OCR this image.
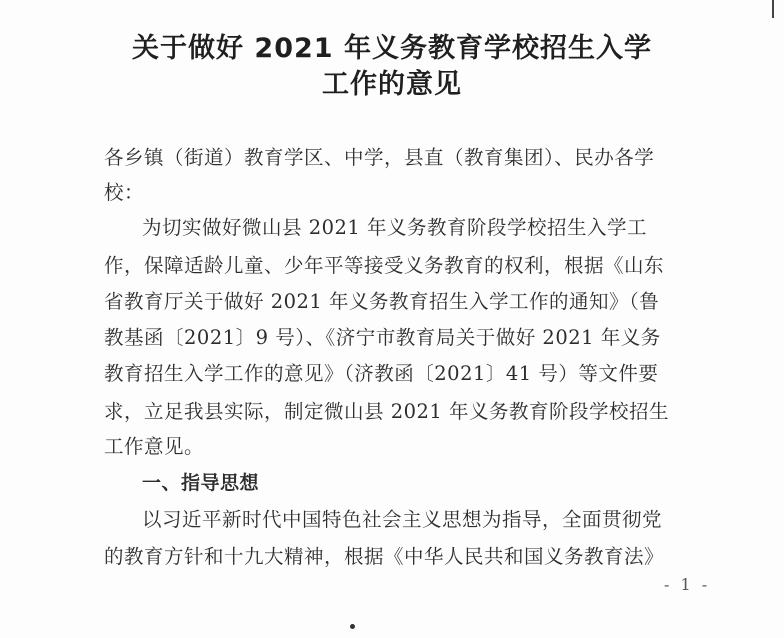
关于做好 2021 年义务教育学校招生入学
工作的意见
各乡镇（街道）教育学区、中学，县直（教育集团）、民办各学
校：
为切实做好微山县 2021 年义务教育阶段学校招生入学工
作，保障适龄儿童、少年平等接受义务教育的权利，根据《山东
省教育厅关于做好 2021 年义务教育招生入学工作的通知》（鲁
教基函〔2021〕9 号）、《济宁市教育局关于做好 2021 年义务
教育招生入学工作的意见》（济教函〔2021〕41 号）等文件要
求，立足我县实际，制定微山县 2021 年义务教育阶段学校招生
工作意见。
一、指导思想
以习近平新时代中国特色社会主义思想为指导，全面贯彻党
的教育方针和十九大精神，根据《中华人民共和国义务教育法》
- 1 -
